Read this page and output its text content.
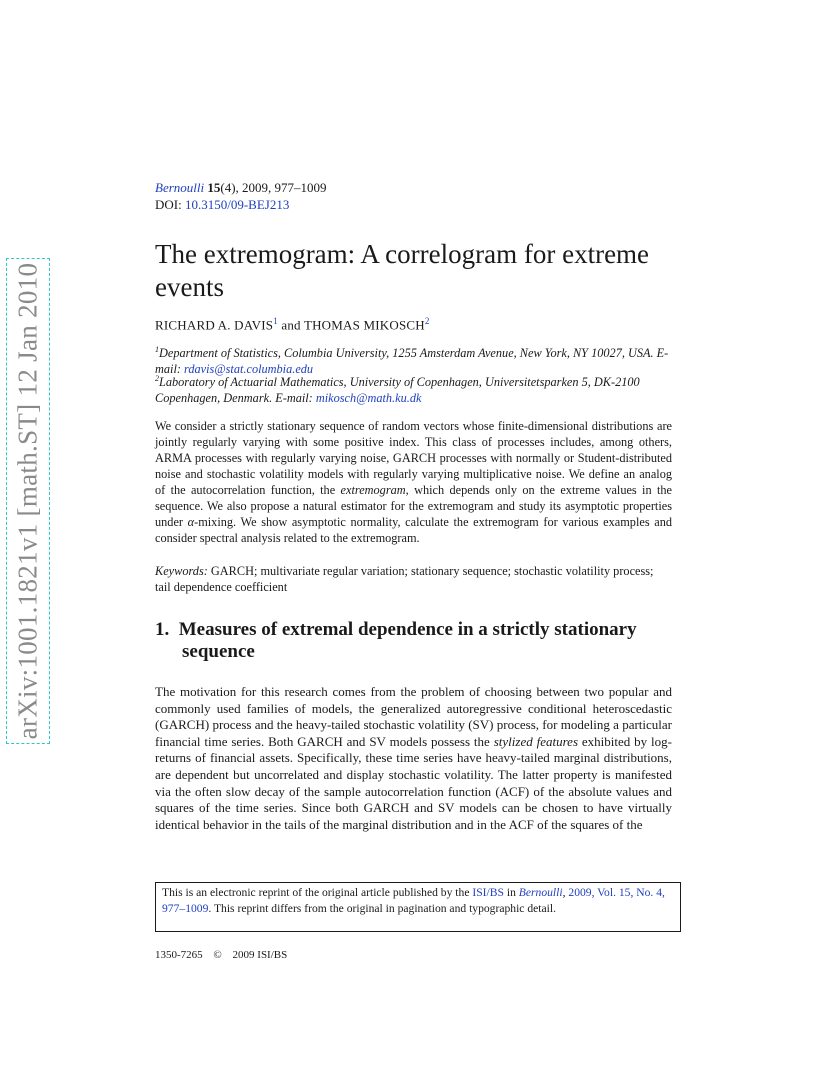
arXiv:1001.1821v1 [math.ST] 12 Jan 2010
Bernoulli 15(4), 2009, 977–1009
DOI: 10.3150/09-BEJ213
The extremogram: A correlogram for extreme events
RICHARD A. DAVIS$^1$ and THOMAS MIKOSCH$^2$
$^1$Department of Statistics, Columbia University, 1255 Amsterdam Avenue, New York, NY 10027, USA. E-mail: rdavis@stat.columbia.edu
$^2$Laboratory of Actuarial Mathematics, University of Copenhagen, Universitetsparken 5, DK-2100 Copenhagen, Denmark. E-mail: mikosch@math.ku.dk

We consider a strictly stationary sequence of random vectors whose finite-dimensional distributions are jointly regularly varying with some positive index. This class of processes includes, among others, ARMA processes with regularly varying noise, GARCH processes with normally or Student-distributed noise and stochastic volatility models with regularly varying multiplicative noise. We define an analog of the autocorrelation function, the extremogram, which depends only on the extreme values in the sequence. We also propose a natural estimator for the extremogram and study its asymptotic properties under α-mixing. We show asymptotic normality, calculate the extremogram for various examples and consider spectral analysis related to the extremogram.

Keywords: GARCH; multivariate regular variation; stationary sequence; stochastic volatility process; tail dependence coefficient

1. Measures of extremal dependence in a strictly stationary sequence

The motivation for this research comes from the problem of choosing between two popular and commonly used families of models, the generalized autoregressive conditional heteroscedastic (GARCH) process and the heavy-tailed stochastic volatility (SV) process, for modeling a particular financial time series. Both GARCH and SV models possess the stylized features exhibited by log-returns of financial assets. Specifically, these time series have heavy-tailed marginal distributions, are dependent but uncorrelated and display stochastic volatility. The latter property is manifested via the often slow decay of the sample autocorrelation function (ACF) of the absolute values and squares of the time series. Since both GARCH and SV models can be chosen to have virtually identical behavior in the tails of the marginal distribution and in the ACF of the squares of the

This is an electronic reprint of the original article published by the ISI/BS in Bernoulli, 2009, Vol. 15, No. 4, 977–1009. This reprint differs from the original in pagination and typographic detail.
1350-7265 © 2009 ISI/BS
